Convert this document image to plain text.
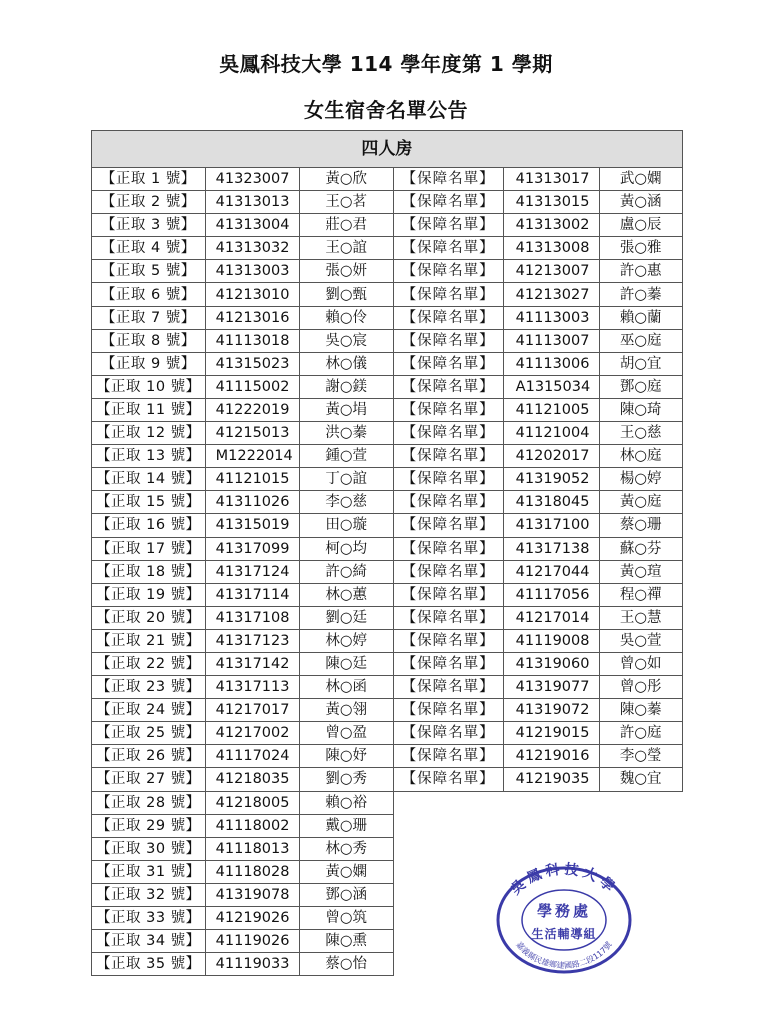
吳鳳科技大學 114 學年度第 1 學期
女生宿舍名單公告
四人房					
【正取 1 號】	41323007	黃○欣	【保障名單】	41313017	武○嫻
【正取 2 號】	41313013	王○茗	【保障名單】	41313015	黃○涵
【正取 3 號】	41313004	莊○君	【保障名單】	41313002	盧○辰
【正取 4 號】	41313032	王○誼	【保障名單】	41313008	張○雅
【正取 5 號】	41313003	張○妍	【保障名單】	41213007	許○惠
【正取 6 號】	41213010	劉○甄	【保障名單】	41213027	許○蓁
【正取 7 號】	41213016	賴○伶	【保障名單】	41113003	賴○蘭
【正取 8 號】	41113018	吳○宸	【保障名單】	41113007	巫○庭
【正取 9 號】	41315023	林○儀	【保障名單】	41113006	胡○宜
【正取 10 號】	41115002	謝○鎂	【保障名單】	A1315034	鄧○庭
【正取 11 號】	41222019	黃○埍	【保障名單】	41121005	陳○琦
【正取 12 號】	41215013	洪○蓁	【保障名單】	41121004	王○慈
【正取 13 號】	M1222014	鍾○萱	【保障名單】	41202017	林○庭
【正取 14 號】	41121015	丁○誼	【保障名單】	41319052	楊○婷
【正取 15 號】	41311026	李○慈	【保障名單】	41318045	黃○庭
【正取 16 號】	41315019	田○璇	【保障名單】	41317100	蔡○珊
【正取 17 號】	41317099	柯○均	【保障名單】	41317138	蘇○芬
【正取 18 號】	41317124	許○綺	【保障名單】	41217044	黃○瑄
【正取 19 號】	41317114	林○蕙	【保障名單】	41117056	程○禪
【正取 20 號】	41317108	劉○廷	【保障名單】	41217014	王○慧
【正取 21 號】	41317123	林○婷	【保障名單】	41119008	吳○萱
【正取 22 號】	41317142	陳○廷	【保障名單】	41319060	曾○如
【正取 23 號】	41317113	林○函	【保障名單】	41319077	曾○彤
【正取 24 號】	41217017	黃○翎	【保障名單】	41319072	陳○蓁
【正取 25 號】	41217002	曾○盈	【保障名單】	41219015	許○庭
【正取 26 號】	41117024	陳○妤	【保障名單】	41219016	李○瑩
【正取 27 號】	41218035	劉○秀	【保障名單】	41219035	魏○宜
【正取 28 號】	41218005	賴○裕			
【正取 29 號】	41118002	戴○珊			
【正取 30 號】	41118013	林○秀			
【正取 31 號】	41118028	黃○嫻			
【正取 32 號】	41319078	鄧○涵			
【正取 33 號】	41219026	曾○筑			
【正取 34 號】	41119026	陳○熏			
【正取 35 號】	41119033	蔡○怡			
吳鳳科技大學
嘉義縣民雄鄉建國路二段117號
學務處
生活輔導組
